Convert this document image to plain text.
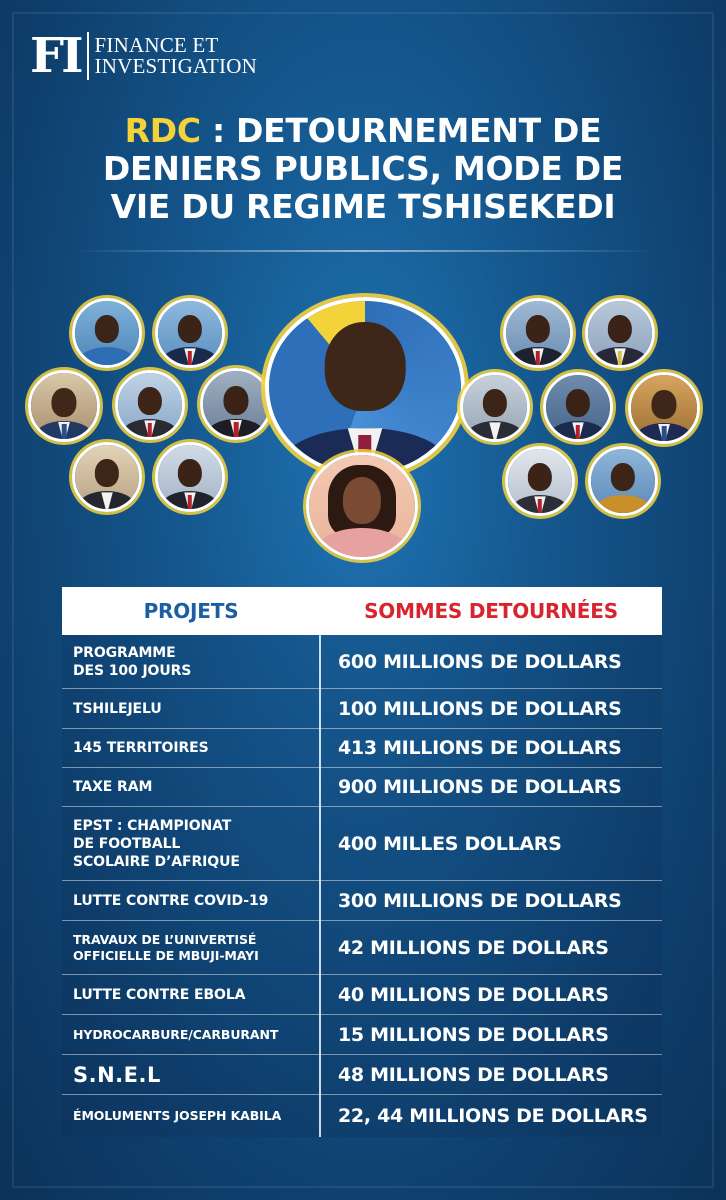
FI FINANCE ET
INVESTIGATION
RDC : DETOURNEMENT DE
DENIERS PUBLICS, MODE DE
VIE DU REGIME TSHISEKEDI
PROJETS	SOMMES DETOURNÉES
PROGRAMME
DES 100 JOURS	600 MILLIONS DE DOLLARS
TSHILEJELU	100 MILLIONS DE DOLLARS
145 TERRITOIRES	413 MILLIONS DE DOLLARS
TAXE RAM	900 MILLIONS DE DOLLARS
EPST : CHAMPIONAT
DE FOOTBALL
SCOLAIRE D’AFRIQUE
400 MILLES DOLLARS
LUTTE CONTRE COVID-19	300 MILLIONS DE DOLLARS
TRAVAUX DE L’UNIVERTISÉ
OFFICIELLE DE MBUJI-MAYI	42 MILLIONS DE DOLLARS
LUTTE CONTRE EBOLA	40 MILLIONS DE DOLLARS
HYDROCARBURE/CARBURANT	15 MILLIONS DE DOLLARS
S.N.E.L	48 MILLIONS DE DOLLARS
ÉMOLUMENTS JOSEPH KABILA	22, 44 MILLIONS DE DOLLARS
